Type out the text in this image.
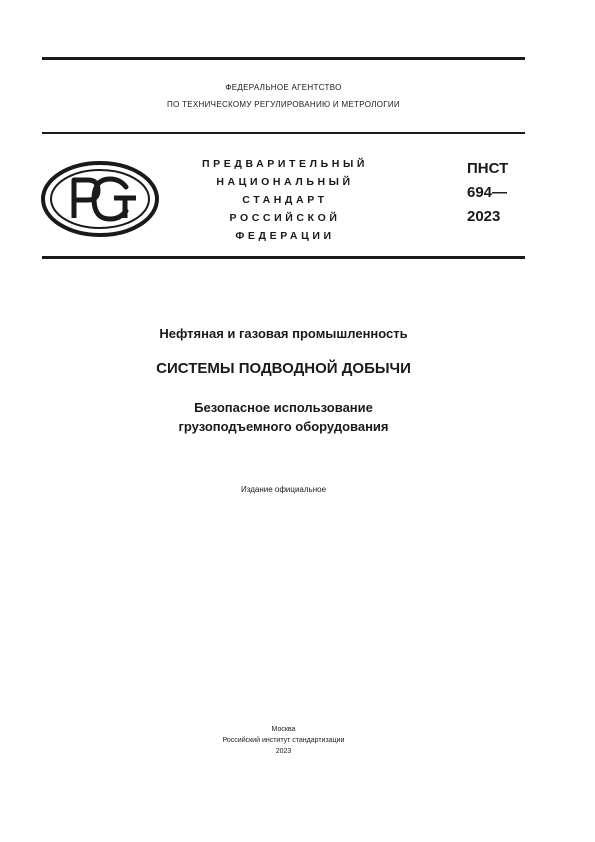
ФЕДЕРАЛЬНОЕ АГЕНТСТВО
ПО ТЕХНИЧЕСКОМУ РЕГУЛИРОВАНИЮ И МЕТРОЛОГИИ
ПРЕДВАРИТЕЛЬНЫЙ
НАЦИОНАЛЬНЫЙ
СТАНДАРТ
РОССИЙСКОЙ
ФЕДЕРАЦИИ
ПНСТ
694—
2023
Нефтяная и газовая промышленность
СИСТЕМЫ ПОДВОДНОЙ ДОБЫЧИ
Безопасное использование
грузоподъемного оборудования
Издание официальное
Москва
Российский институт стандартизации
2023
